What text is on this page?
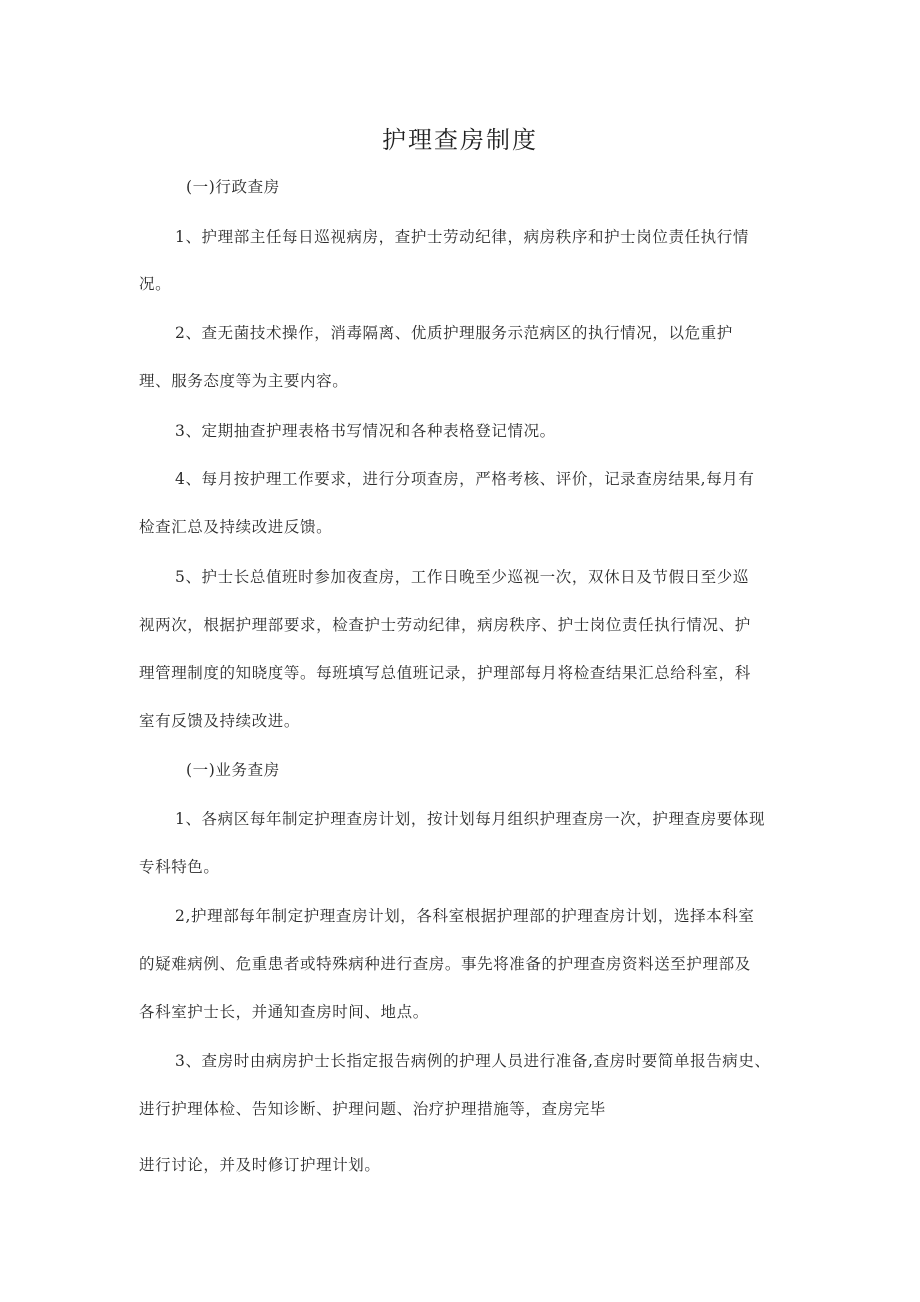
护理查房制度
(一)行政查房
1、护理部主任每日巡视病房，查护士劳动纪律，病房秩序和护士岗位责任执行情
况。
2、查无菌技术操作，消毒隔离、优质护理服务示范病区的执行情况，以危重护
理、服务态度等为主要内容。
3、定期抽查护理表格书写情况和各种表格登记情况。
4、每月按护理工作要求，进行分项查房，严格考核、评价，记录查房结果,每月有
检查汇总及持续改进反馈。
5、护士长总值班时参加夜查房，工作日晚至少巡视一次，双休日及节假日至少巡
视两次，根据护理部要求，检查护士劳动纪律，病房秩序、护士岗位责任执行情况、护
理管理制度的知晓度等。每班填写总值班记录，护理部每月将检查结果汇总给科室，科
室有反馈及持续改进。
(一)业务查房
1、各病区每年制定护理查房计划，按计划每月组织护理查房一次，护理查房要体现
专科特色。
2,护理部每年制定护理查房计划，各科室根据护理部的护理查房计划，选择本科室
的疑难病例、危重患者或特殊病种进行查房。事先将准备的护理查房资料送至护理部及
各科室护士长，并通知查房时间、地点。
3、查房时由病房护士长指定报告病例的护理人员进行准备,查房时要简单报告病史、
进行护理体检、告知诊断、护理问题、治疗护理措施等，查房完毕
进行讨论，并及时修订护理计划。
